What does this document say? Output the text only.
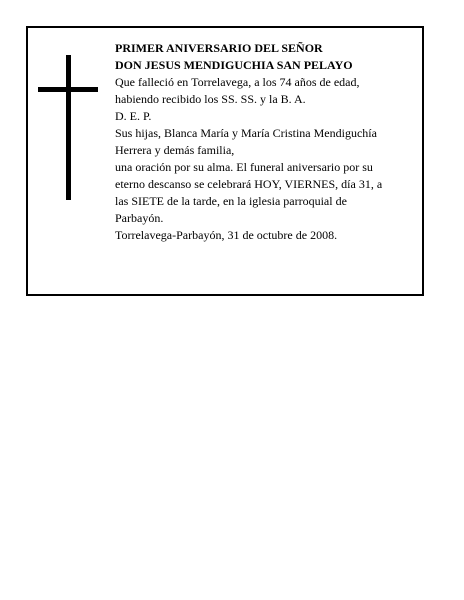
PRIMER ANIVERSARIO DEL SEÑOR
DON JESUS MENDIGUCHIA SAN PELAYO
Que falleció en Torrelavega, a los 74 años de edad,
habiendo recibido los SS. SS. y la B. A.
D. E. P.
Sus hijas, Blanca María y María Cristina Mendiguchía
Herrera y demás familia,
una oración por su alma. El funeral aniversario por su
eterno descanso se celebrará HOY, VIERNES, día 31, a
las SIETE de la tarde, en la iglesia parroquial de
Parbayón.
Torrelavega-Parbayón, 31 de octubre de 2008.
